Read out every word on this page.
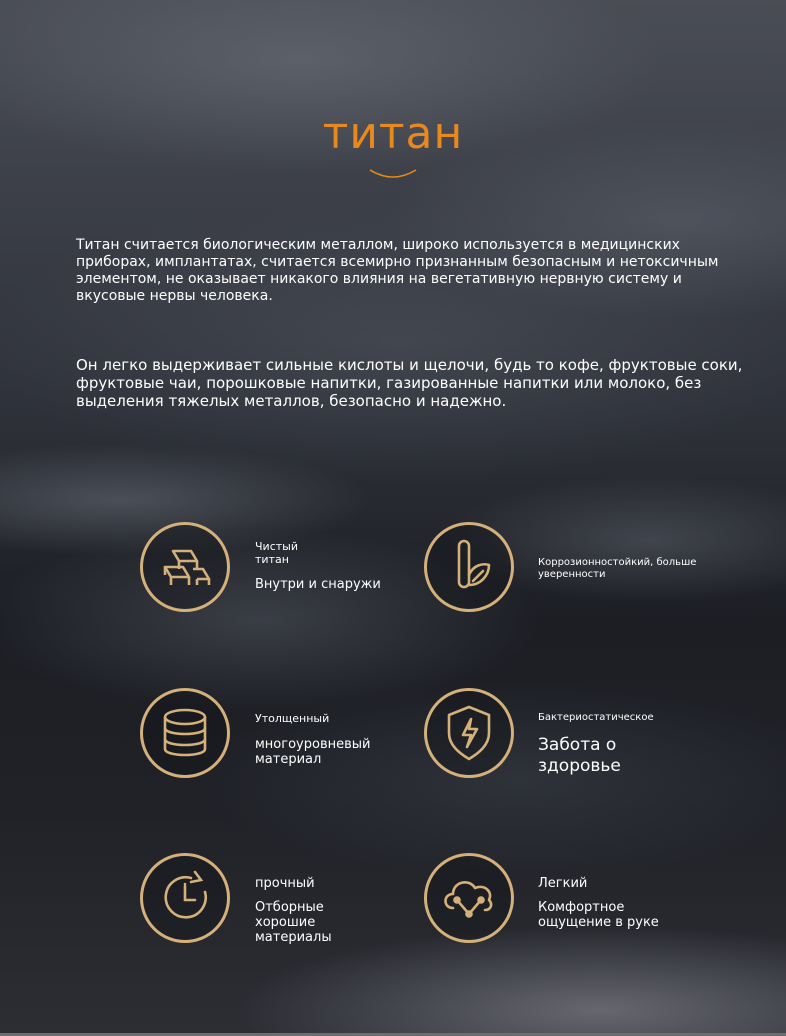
титан
Титан считается биологическим металлом, широко используется в медицинских приборах, имплантатах, считается всемирно признанным безопасным и нетоксичным элементом, не оказывает никакого влияния на вегетативную нервную систему и вкусовые нервы человека.
Он легко выдерживает сильные кислоты и щелочи, будь то кофе, фруктовые соки, фруктовые чаи, порошковые напитки, газированные напитки или молоко, без выделения тяжелых металлов, безопасно и надежно.
Чистый титан
Внутри и снаружи
Коррозионностойкий, больше уверенности
Утолщенный
многоуровневый материал
Бактериостатическое
Забота о здоровье
прочный
Отборные хорошие материалы
Легкий
Комфортное ощущение в руке
